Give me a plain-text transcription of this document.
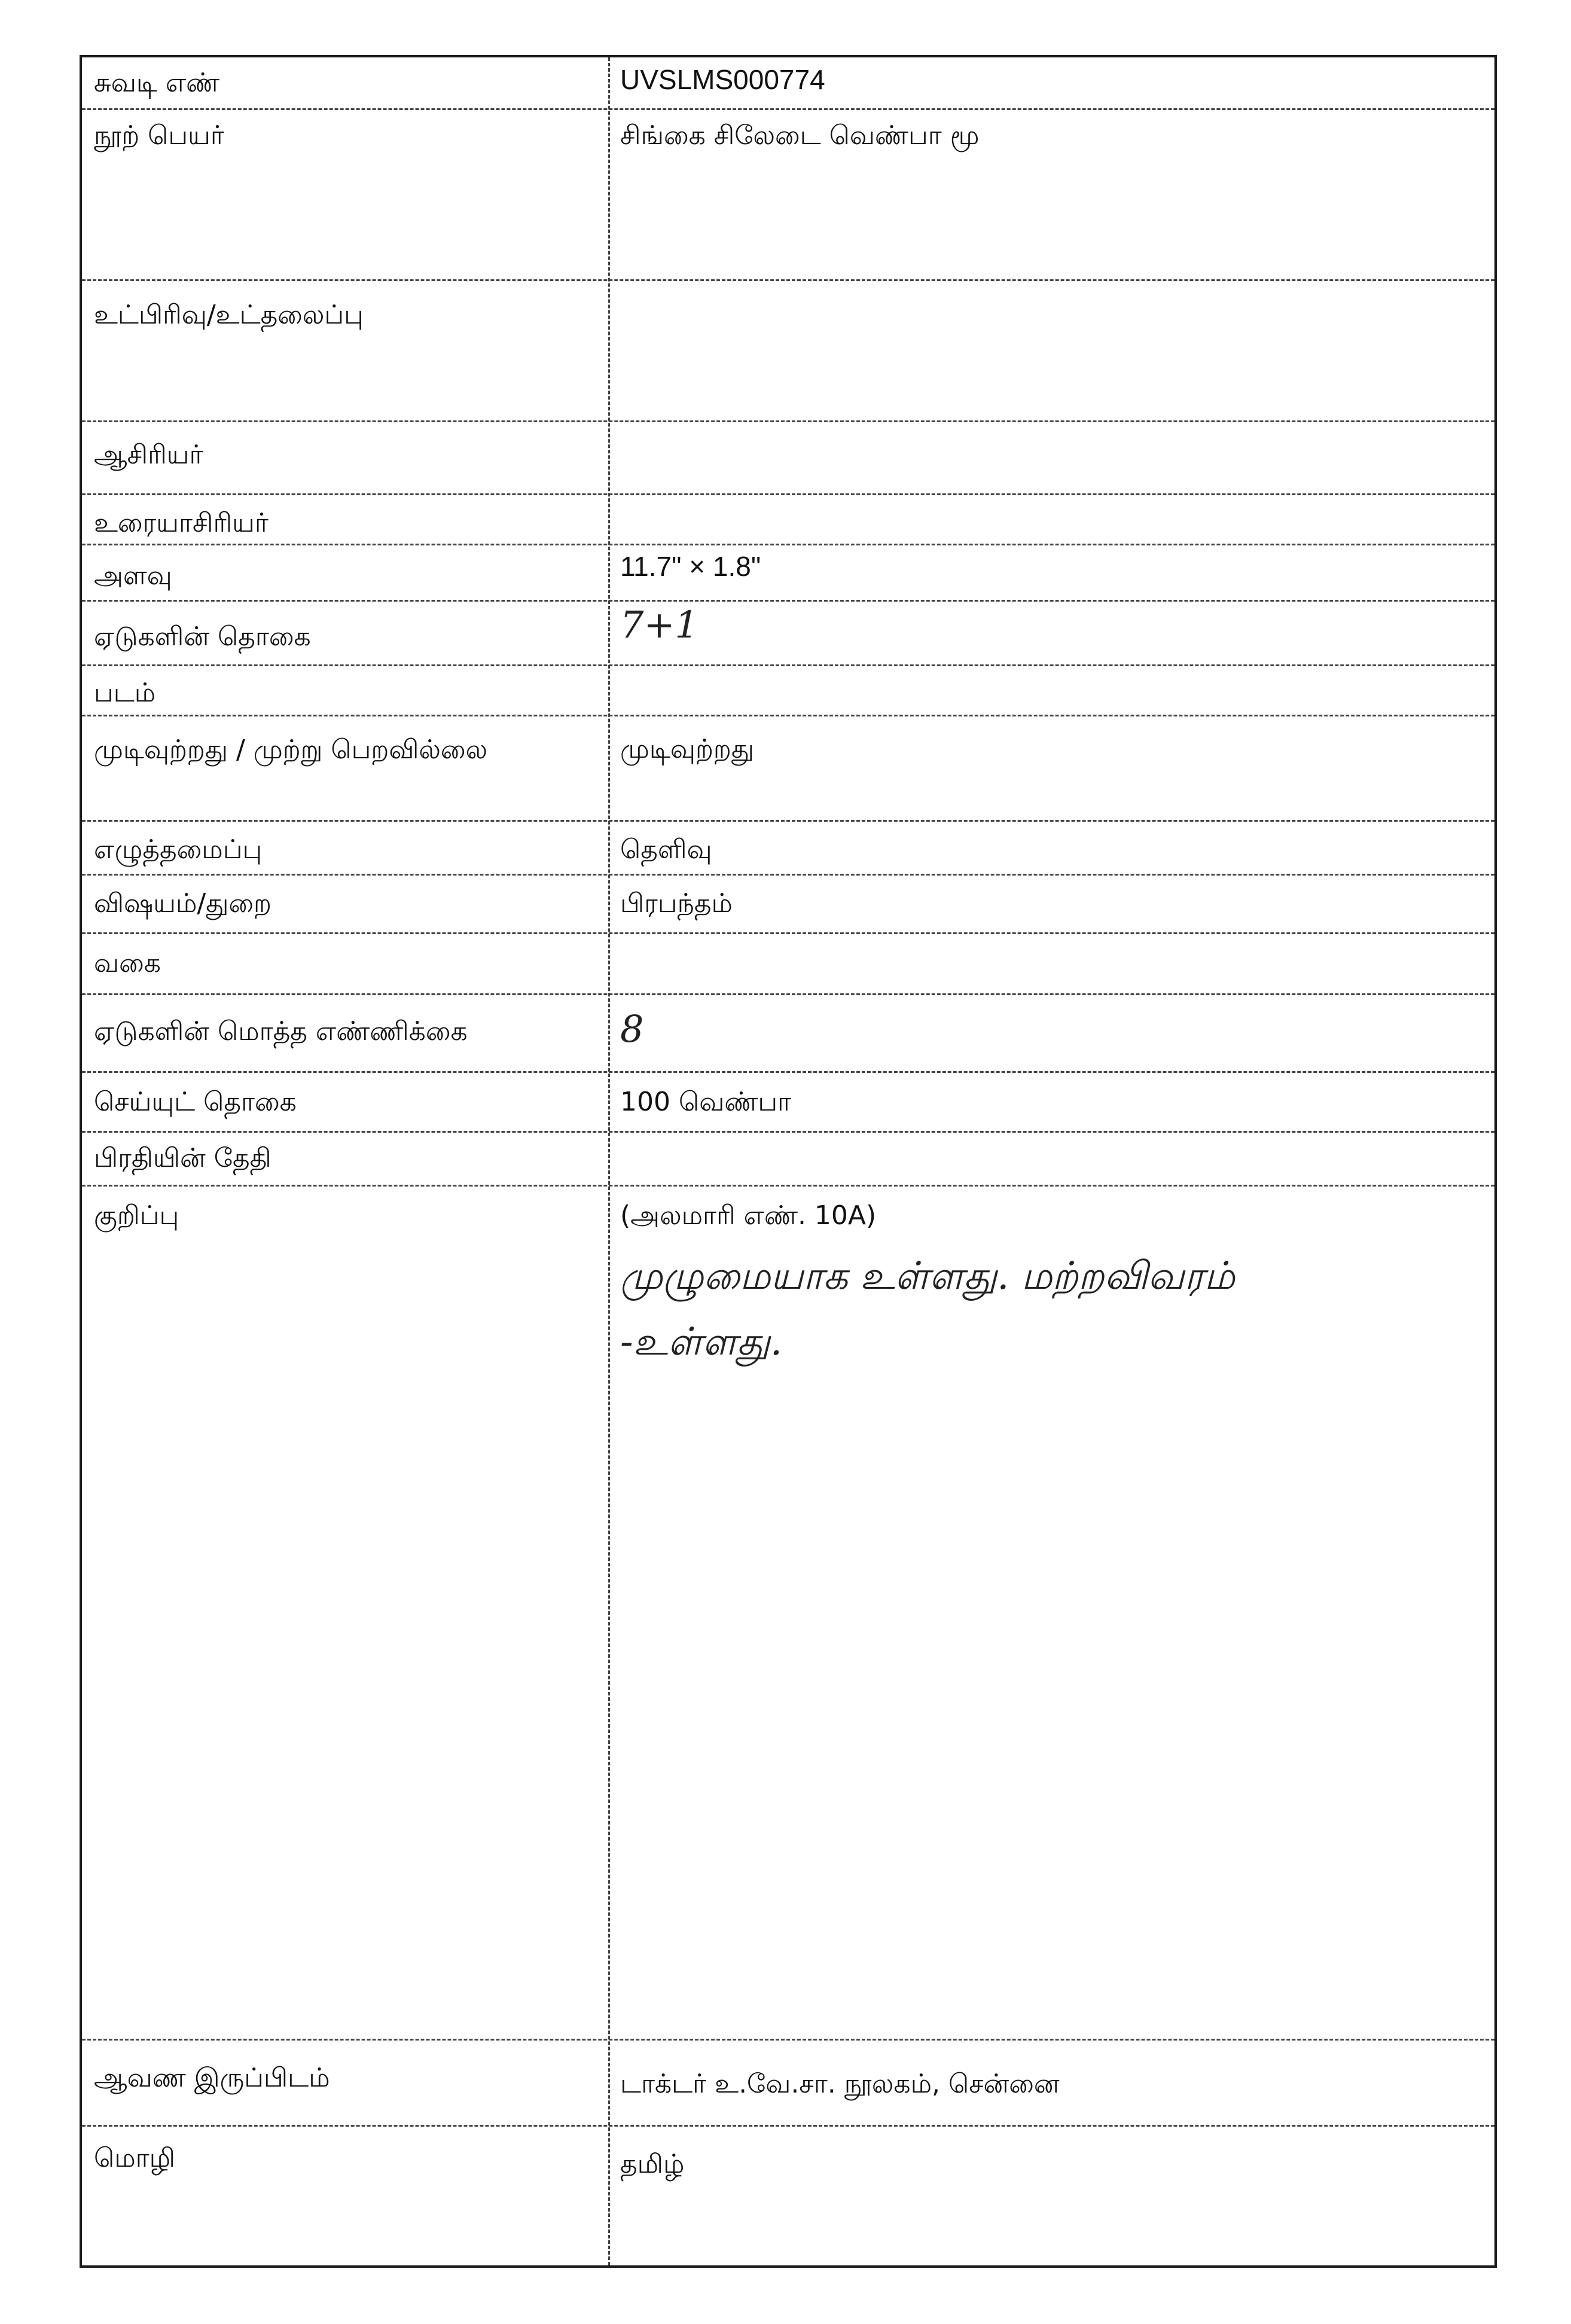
சுவடி எண்	UVSLMS000774
நூற் பெயர்	சிங்கை சிலேடை வெண்பா மூ
உட்பிரிவு/உட்தலைப்பு
ஆசிரியர்
உரையாசிரியர்
அளவு	11.7" × 1.8"
ஏடுகளின் தொகை	7+1
படம்
முடிவுற்றது / முற்று பெறவில்லை	முடிவுற்றது
எழுத்தமைப்பு	தெளிவு
விஷயம்/துறை	பிரபந்தம்
வகை
ஏடுகளின் மொத்த எண்ணிக்கை	8
செய்யுட் தொகை	100 வெண்பா
பிரதியின் தேதி
குறிப்பு	(அலமாரி எண். 10A)
முழுமையாக உள்ளது. மற்றவிவரம்
-உள்ளது.
ஆவண இருப்பிடம்	டாக்டர் உ.வே.சா. நூலகம், சென்னை
மொழி	தமிழ்
